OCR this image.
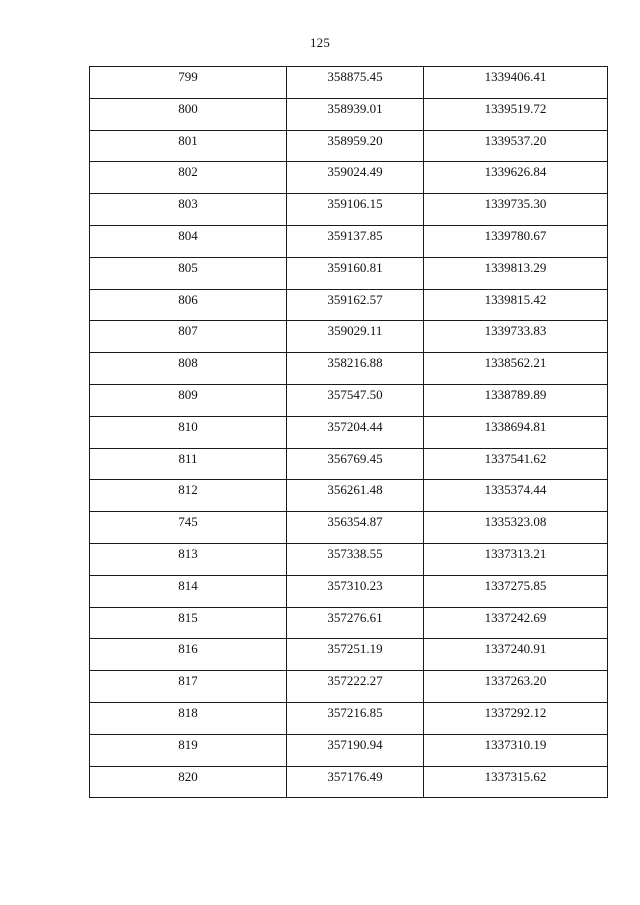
125
799	358875.45	1339406.41
800	358939.01	1339519.72
801	358959.20	1339537.20
802	359024.49	1339626.84
803	359106.15	1339735.30
804	359137.85	1339780.67
805	359160.81	1339813.29
806	359162.57	1339815.42
807	359029.11	1339733.83
808	358216.88	1338562.21
809	357547.50	1338789.89
810	357204.44	1338694.81
811	356769.45	1337541.62
812	356261.48	1335374.44
745	356354.87	1335323.08
813	357338.55	1337313.21
814	357310.23	1337275.85
815	357276.61	1337242.69
816	357251.19	1337240.91
817	357222.27	1337263.20
818	357216.85	1337292.12
819	357190.94	1337310.19
820	357176.49	1337315.62
